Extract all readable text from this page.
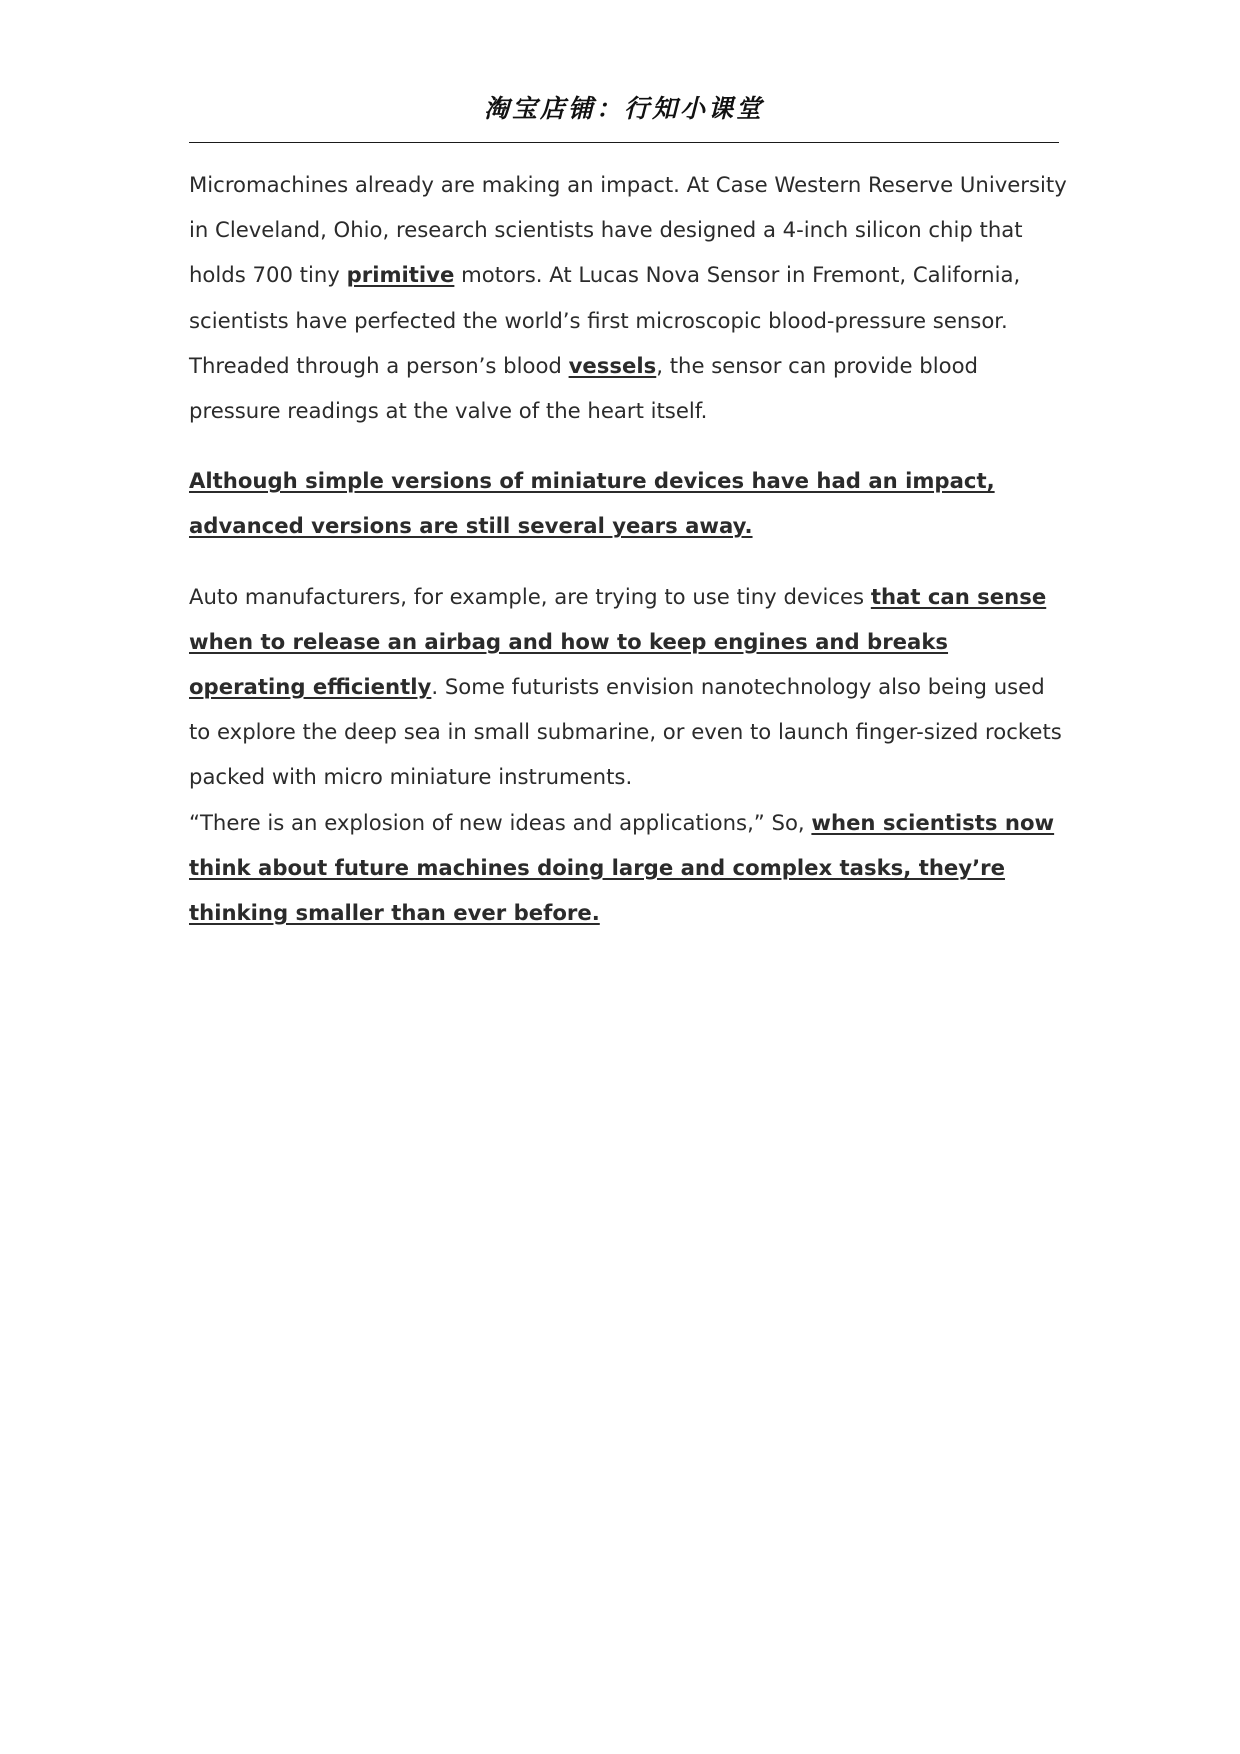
淘宝店铺：行知小课堂

Micromachines already are making an impact. At Case Western Reserve University in Cleveland, Ohio, research scientists have designed a 4-inch silicon chip that holds 700 tiny primitive motors. At Lucas Nova Sensor in Fremont, California, scientists have perfected the world’s first microscopic blood-pressure sensor. Threaded through a person’s blood vessels, the sensor can provide blood pressure readings at the valve of the heart itself.

Although simple versions of miniature devices have had an impact, advanced versions are still several years away.

Auto manufacturers, for example, are trying to use tiny devices that can sense when to release an airbag and how to keep engines and breaks operating efficiently. Some futurists envision nanotechnology also being used to explore the deep sea in small submarine, or even to launch finger-sized rockets packed with micro miniature instruments.

“There is an explosion of new ideas and applications,” So, when scientists now think about future machines doing large and complex tasks, they’re thinking smaller than ever before.
